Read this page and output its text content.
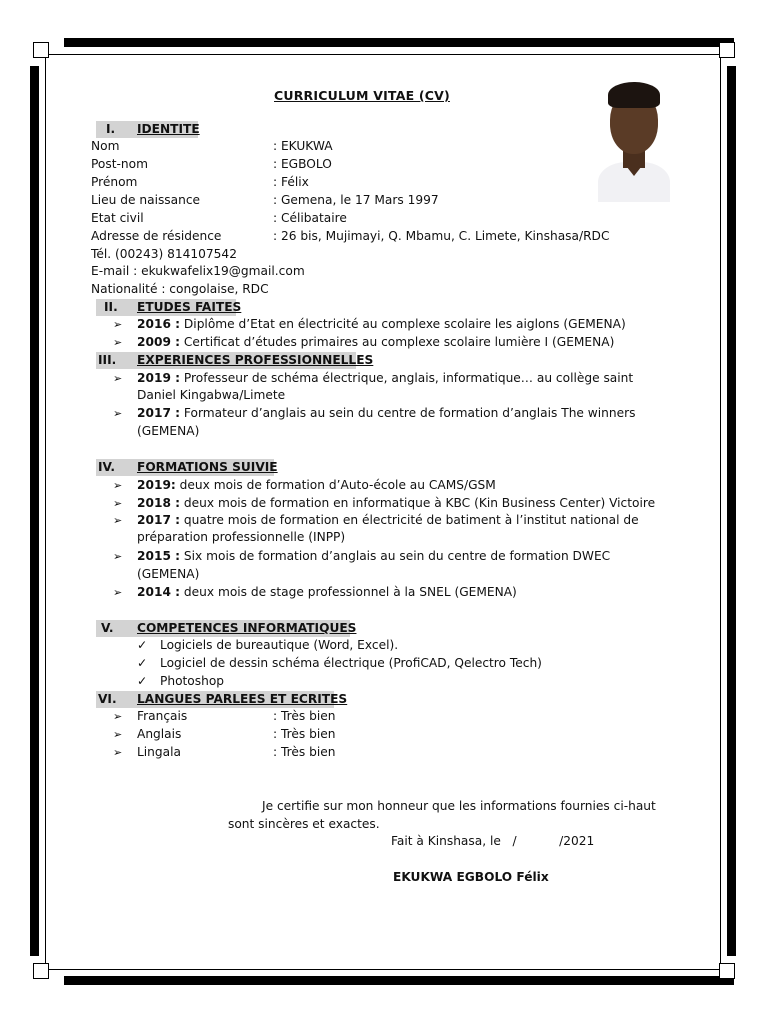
CURRICULUM VITAE (CV)
I. IDENTITE

Nom	: EKUKWA
Post-nom	: EGBOLO
Prénom	: Félix
Lieu de naissance	: Gemena, le 17 Mars 1997
Etat civil	: Célibataire
Adresse de résidence	: 26 bis, Mujimayi, Q. Mbamu, C. Limete, Kinshasa/RDC
Tél. (00243) 814107542
E-mail : ekukwafelix19@gmail.com
Nationalité : congolaise, RDC
II. ETUDES FAITES

➢ 2016 : Diplôme d’Etat en électricité au complexe scolaire les aiglons (GEMENA)
➢ 2009 : Certificat d’études primaires au complexe scolaire lumière I (GEMENA)
III. EXPERIENCES PROFESSIONNELLES

➢ 2019 : Professeur de schéma électrique, anglais, informatique… au collège saint
Daniel Kingabwa/Limete
➢ 2017 : Formateur d’anglais au sein du centre de formation d’anglais The winners
(GEMENA)
IV. FORMATIONS SUIVIE

➢ 2019: deux mois de formation d’Auto-école au CAMS/GSM
➢ 2018 : deux mois de formation en informatique à KBC (Kin Business Center) Victoire
➢ 2017 : quatre mois de formation en électricité de batiment à l’institut national de
préparation professionnelle (INPP)
➢ 2015 : Six mois de formation d’anglais au sein du centre de formation DWEC
(GEMENA)
➢ 2014 : deux mois de stage professionnel à la SNEL (GEMENA)
V. COMPETENCES INFORMATIQUES

✓ Logiciels de bureautique (Word, Excel).
✓ Logiciel de dessin schéma électrique (ProfiCAD, Qelectro Tech)
✓ Photoshop
VI. LANGUES PARLEES ET ECRITES

➢ Français	: Très bien
➢ Anglais	: Très bien
➢ Lingala	: Très bien
Je certifie sur mon honneur que les informations fournies ci-haut
sont sincères et exactes.
Fait à Kinshasa, le   /           /2021
EKUKWA EGBOLO Félix
